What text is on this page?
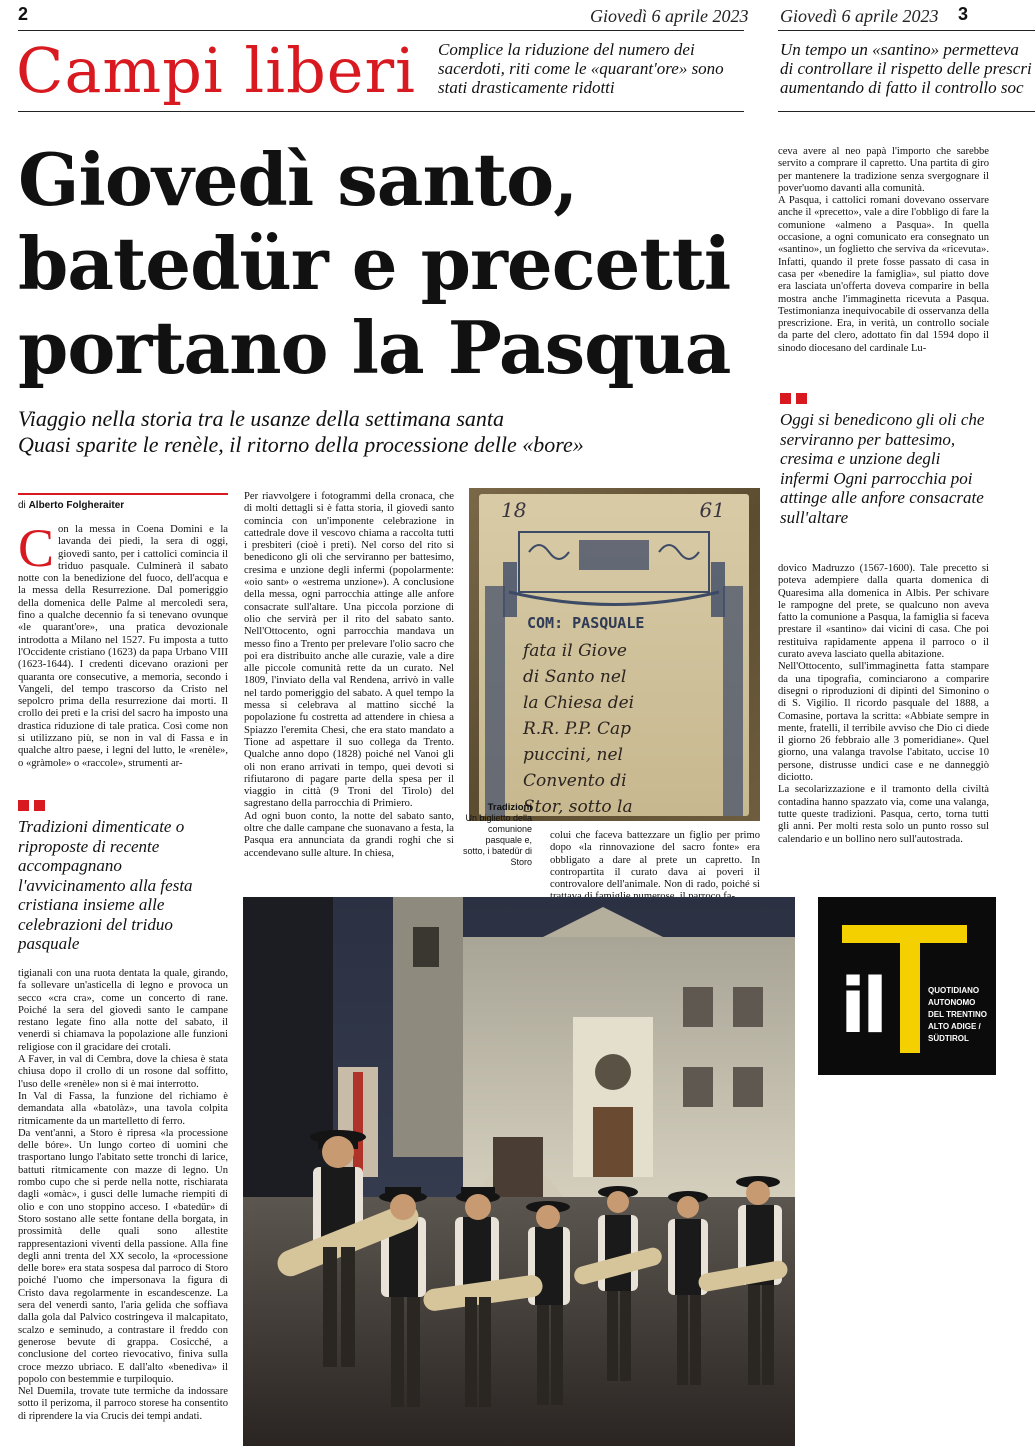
2	Giovedì 6 aprile 2023 Giovedì 6 aprile 2023 3
Campi liberi Complice la riduzione del numero dei sacerdoti, riti come le «quarant'ore» sono stati drasticamente ridotti
Un tempo un «santino» permetteva di controllare il rispetto delle prescri aumentando di fatto il controllo soc
Giovedì santo,
batedür e precetti
portano la Pasqua
Viaggio nella storia tra le usanze della settimana santa
Quasi sparite le renèle, il ritorno della processione delle «bore»
di Alberto Folgheraiter
Con la messa in Coena Domini e la lavanda dei piedi, la sera di oggi, giovedì santo, per i cattolici comincia il triduo pasquale. Culminerà il sabato notte con la benedizione del fuoco, dell'acqua e la messa della Resurrezione. Dal pomeriggio della domenica delle Palme al mercoledì sera, fino a qualche decennio fa si tenevano ovunque «le quarant'ore», una pratica devozionale introdotta a Milano nel 1527. Fu imposta a tutto l'Occidente cristiano (1623) da papa Urbano VIII (1623-1644). I credenti dicevano orazioni per quaranta ore consecutive, a memoria, secondo i Vangeli, del tempo trascorso da Cristo nel sepolcro prima della resurrezione dai morti. Il crollo dei preti e la crisi del sacro ha imposto una drastica riduzione di tale pratica. Così come non si utilizzano più, se non in val di Fassa e in qualche altro paese, i legni del lutto, le «renèle», o «gràmole» o «raccole», strumenti ar-
Tradizioni dimenticate o riproposte di recente accompagnano l'avvicinamento alla festa cristiana insieme alle celebrazioni del triduo pasquale

tigianali con una ruota dentata la quale, girando, fa sollevare un'asticella di legno e provoca un secco «cra cra», come un concerto di rane. Poiché la sera del giovedì santo le campane restano legate fino alla notte del sabato, il venerdì si chiamava la popolazione alle funzioni religiose con il gracidare dei crotali.

A Faver, in val di Cembra, dove la chiesa è stata chiusa dopo il crollo di un rosone dal soffitto, l'uso delle «renèle» non si è mai interrotto.

In Val di Fassa, la funzione del richiamo è demandata alla «batolàz», una tavola colpita ritmicamente da un martelletto di ferro.

Da vent'anni, a Storo è ripresa «la processione delle bóre». Un lungo corteo di uomini che trasportano lungo l'abitato sette tronchi di larice, battuti ritmicamente con mazze di legno. Un rombo cupo che si perde nella notte, rischiarata dagli «omàc», i gusci delle lumache riempiti di olio e con uno stoppino acceso. I «batedür» di Storo sostano alle sette fontane della borgata, in prossimità delle quali sono allestite rappresentazioni viventi della passione. Alla fine degli anni trenta del XX secolo, la «processione delle bore» era stata sospesa dal parroco di Storo poiché l'uomo che impersonava la figura di Cristo dava regolarmente in escandescenze. La sera del venerdì santo, l'aria gelida che soffiava dalla gola dal Palvico costringeva il malcapitato, scalzo e seminudo, a contrastare il freddo con generose bevute di grappa. Cosicché, a conclusione del corteo rievocativo, finiva sulla croce mezzo ubriaco. E dall'alto «benediva» il popolo con bestemmie e turpiloquio.

Nel Duemila, trovate tute termiche da indossare sotto il perizoma, il parroco storese ha consentito di riprendere la via Crucis dei tempi andati.

Per riavvolgere i fotogrammi della cronaca, che di molti dettagli si è fatta storia, il giovedì santo comincia con un'imponente celebrazione in cattedrale dove il vescovo chiama a raccolta tutti i presbiteri (cioè i preti). Nel corso del rito si benedicono gli oli che serviranno per battesimo, cresima e unzione degli infermi (popolarmente: «oio sant» o «estrema unzione»). A conclusione della messa, ogni parrocchia attinge alle anfore consacrate sull'altare. Una piccola porzione di olio che servirà per il rito del sabato santo. Nell'Ottocento, ogni parrocchia mandava un messo fino a Trento per prelevare l'olio sacro che poi era distribuito anche alle curazie, vale a dire alle piccole comunità rette da un curato. Nel 1809, l'inviato della val Rendena, arrivò in valle nel tardo pomeriggio del sabato. A quel tempo la messa si celebrava al mattino sicché la popolazione fu costretta ad attendere in chiesa a Spiazzo l'eremita Chesi, che era stato mandato a Tione ad aspettare il suo collega da Trento. Qualche anno dopo (1828) poiché nel Vanoi gli oli non erano arrivati in tempo, quei devoti si rifiutarono di pagare parte della spesa per il viaggio in città (9 Troni del Tirolo) del sagrestano della parrocchia di Primiero.

Ad ogni buon conto, la notte del sabato santo, oltre che dalle campane che suonavano a festa, la Pasqua era annunciata da grandi roghi che si accendevano sulle alture. In chiesa,

18	61
COM: PASQUALE
fata il Giove
di Santo nel
la Chiesa dei
R.R. P.P. Cap
puccini, nel
Convento di
Stor, sotto la
Tradizioni
Un biglietto della comunione pasquale e, sotto, i batedür di Storo

colui che faceva battezzare un figlio per primo dopo «la rinnovazione del sacro fonte» era obbligato a dare al prete un capretto. In contropartita il curato dava ai poveri il controvalore dell'animale. Non di rado, poiché si

ceva avere al neo papà l'importo che sarebbe servito a comprare il capretto. Una partita di giro per mantenere la tradizione senza svergognare il pover'uomo davanti alla comunità.

A Pasqua, i cattolici romani dovevano osservare anche il «precetto», vale a dire l'obbligo di fare la comunione «almeno a Pasqua». In quella occasione, a ogni comunicato era consegnato un «santino», un foglietto che serviva da «ricevuta». Infatti, quando il prete fosse passato di casa in casa per «benedire la famiglia», sul piatto dove era lasciata un'offerta doveva comparire in bella mostra anche l'immaginetta ricevuta a Pasqua. Testimonianza inequivocabile di osservanza della prescrizione. Era, in verità, un controllo sociale da parte del clero, adottato fin dal 1594 dopo il sinodo diocesano del cardinale Lu-

Oggi si benedicono gli oli che serviranno per battesimo, cresima e unzione degli infermi Ogni parrocchia poi attinge alle anfore consacrate sull'altare

dovico Madruzzo (1567-1600). Tale precetto si poteva adempiere dalla quarta domenica di Quaresima alla domenica in Albis. Per schivare le rampogne del prete, se qualcuno non aveva fatto la comunione a Pasqua, la famiglia si faceva prestare il «santino» dai vicini di casa. Che poi restituiva rapidamente appena il parroco o il curato aveva lasciato quella abitazione.

Nell'Ottocento, sull'immaginetta fatta stampare da una tipografia, cominciarono a comparire disegni o riproduzioni di dipinti del Simonino o di S. Vigilio. Il ricordo pasquale del 1888, a Comasine, portava la scritta: «Abbiate sempre in mente, fratelli, il terribile avviso che Dio ci diede il giorno 26 febbraio alle 3 pomeridiane». Quel giorno, una valanga travolse l'abitato, uccise 10 persone, distrusse undici case e ne danneggiò diciotto.

La secolarizzazione e il tramonto della civiltà contadina hanno spazzato via, come una valanga, tutte queste tradizioni. Pasqua, certo, torna tutti gli anni. Per molti resta solo un punto rosso sul calendario e un bollino nero sull'autostrada.

il	QUOTIDIANO
AUTONOMO
DEL TRENTINO
ALTO ADIGE /
SÜDTIROL
